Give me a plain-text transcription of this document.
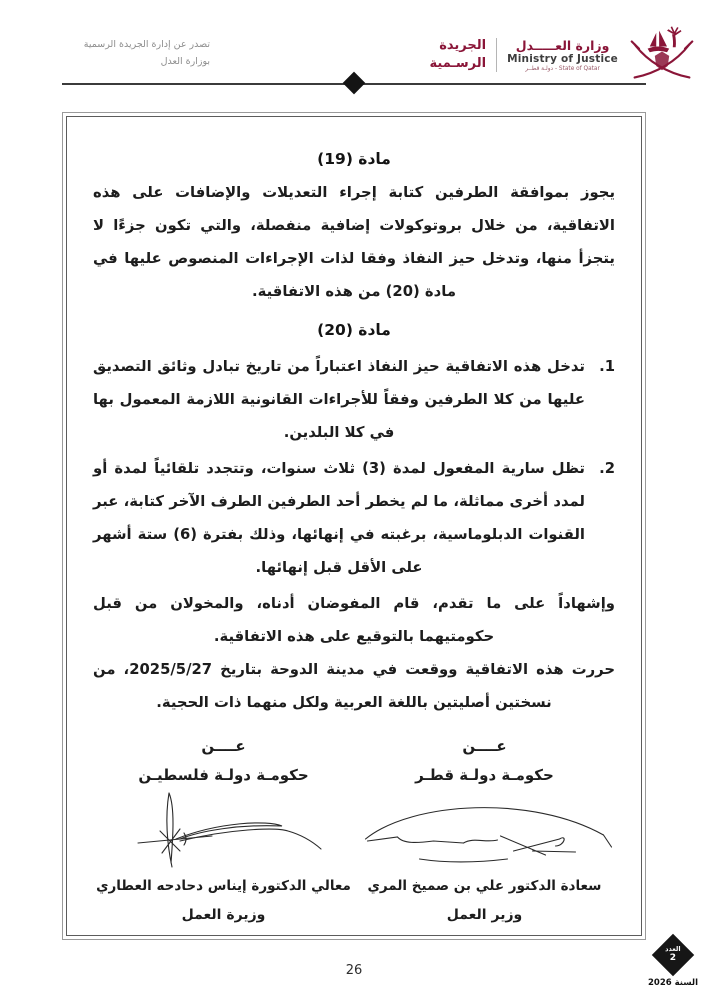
تصدر عن إدارة الجريدة الرسمية
بوزارة العدل
الجريدة
الرسـمية
وزارة العـــــدل
Ministry of Justice
دولـة قطــر - State of Qatar
مادة (19)
يجوز بموافقة الطرفين كتابة إجراء التعديلات والإضافات على هذه الاتفاقية، من خلال بروتوكولات إضافية منفصلة، والتي تكون جزءًا لا يتجزأ منها، وتدخل حيز النفاذ وفقا لذات الإجراءات المنصوص عليها في مادة (20) من هذه الاتفاقية.
مادة (20)
1.
تدخل هذه الاتفاقية حيز النفاذ اعتباراً من تاريخ تبادل وثائق التصديق عليها من كلا الطرفين وفقاً للأجراءات القانونية اللازمة المعمول بها في كلا البلدين.
2.
تظل سارية المفعول لمدة (3) ثلاث سنوات، وتتجدد تلقائياً لمدة أو لمدد أخرى مماثلة، ما لم يخطر أحد الطرفين الطرف الآخر كتابة، عبر القنوات الدبلوماسية، برغبته في إنهائها، وذلك بفترة (6) ستة أشهر على الأقل قبل إنهائها.
وإشهاداً على ما تقدم، قام المفوضان أدناه، والمخولان من قبل حكومتيهما بالتوقيع على هذه الاتفاقية.
حررت هذه الاتفاقية ووقعت في مدينة الدوحة بتاريخ 2025/5/27، من نسختين أصليتين باللغة العربية ولكل منهما ذات الحجية.
عــــن
حكومـة دولـة قطـر
سعادة الدكتور علي بن صميخ المري
وزير العمل
عــــن
حكومـة دولـة فلسطيـن
معالي الدكتورة إيناس دحادحه العطاري
وزيرة العمل
26
العدد
2
السنة 2026
